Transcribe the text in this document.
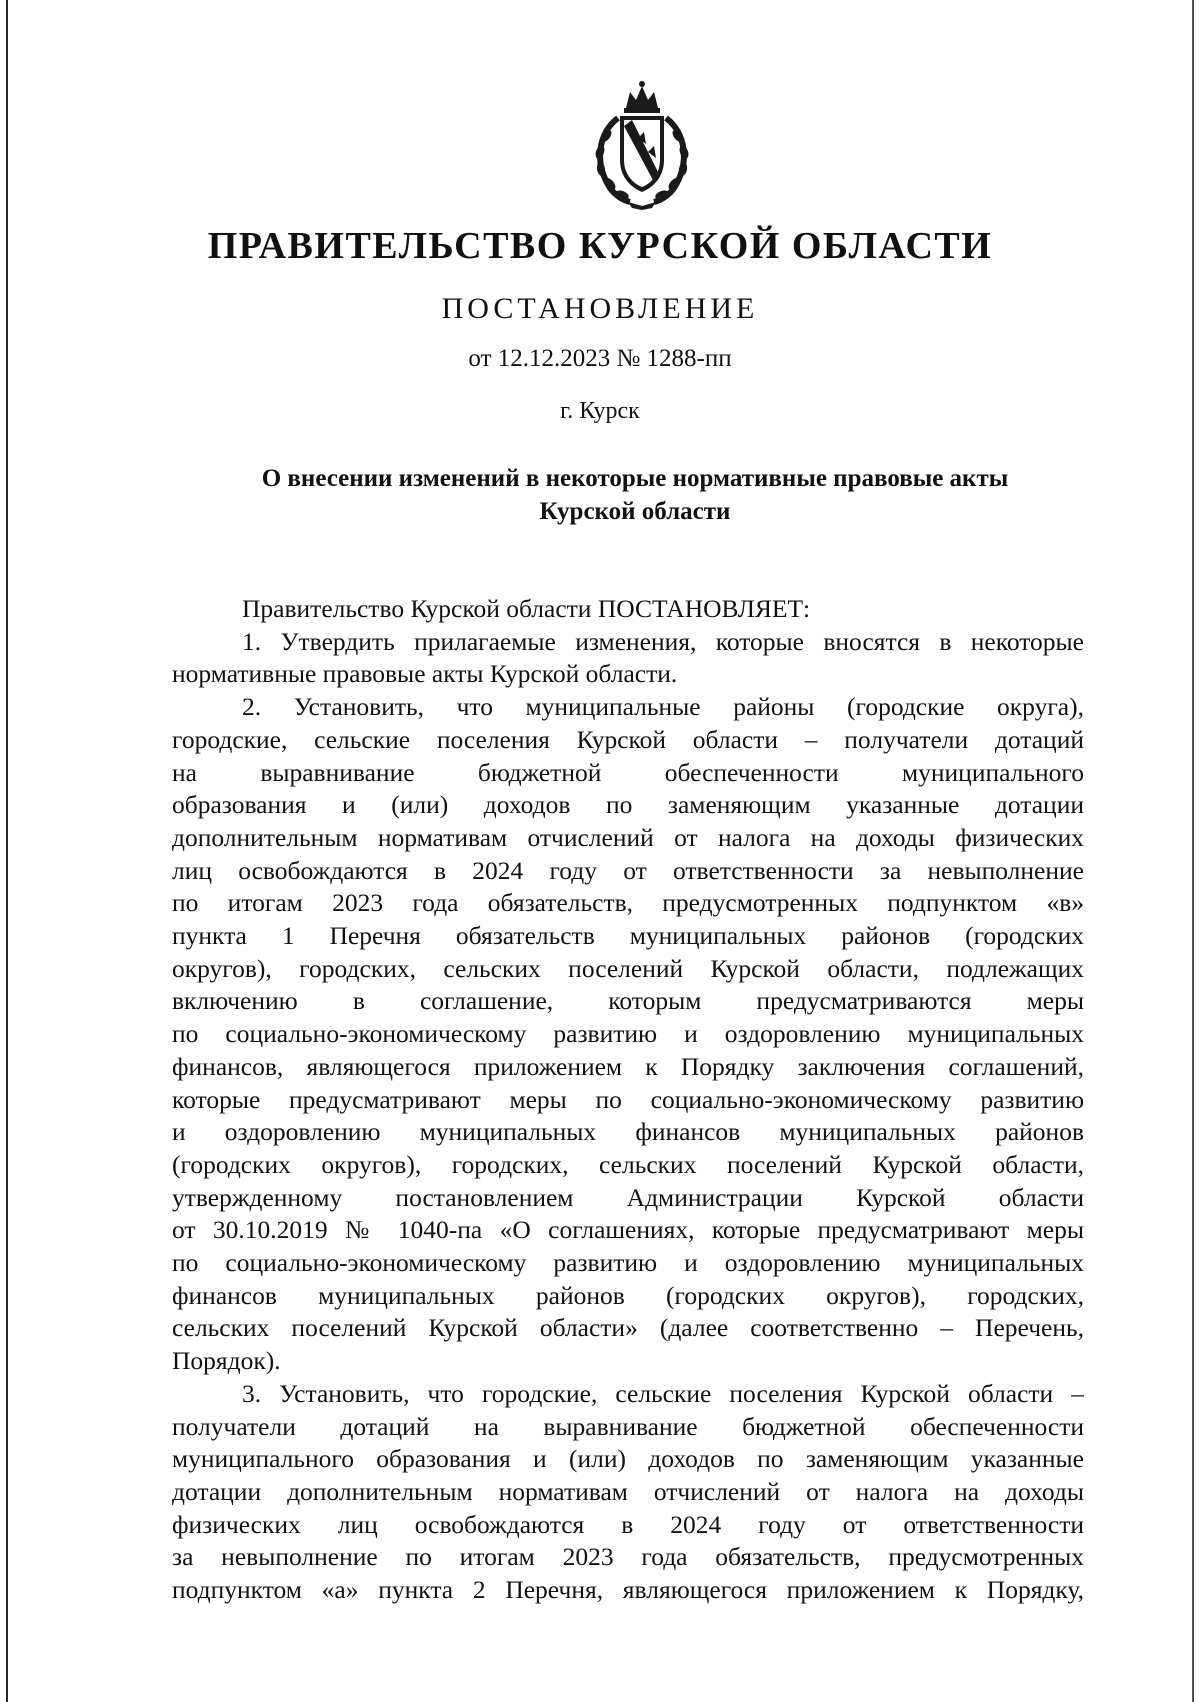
ПРАВИТЕЛЬСТВО КУРСКОЙ ОБЛАСТИ
ПОСТАНОВЛЕНИЕ
от 12.12.2023 № 1288-пп
г. Курск
О внесении изменений в некоторые нормативные правовые акты
Курской области
Правительство Курской области ПОСТАНОВЛЯЕТ:
1. Утвердить прилагаемые изменения, которые вносятся в некоторые
нормативные правовые акты Курской области.
2. Установить, что муниципальные районы (городские округа),
городские, сельские поселения Курской области – получатели дотаций
на выравнивание бюджетной обеспеченности муниципального
образования и (или) доходов по заменяющим указанные дотации
дополнительным нормативам отчислений от налога на доходы физических
лиц освобождаются в 2024 году от ответственности за невыполнение
по итогам 2023 года обязательств, предусмотренных подпунктом «в»
пункта 1 Перечня обязательств муниципальных районов (городских
округов), городских, сельских поселений Курской области, подлежащих
включению в соглашение, которым предусматриваются меры
по социально-экономическому развитию и оздоровлению муниципальных
финансов, являющегося приложением к Порядку заключения соглашений,
которые предусматривают меры по социально-экономическому развитию
и оздоровлению муниципальных финансов муниципальных районов
(городских округов), городских, сельских поселений Курской области,
утвержденному постановлением Администрации Курской области
от 30.10.2019 № 1040-па «О соглашениях, которые предусматривают меры
по социально-экономическому развитию и оздоровлению муниципальных
финансов муниципальных районов (городских округов), городских,
сельских поселений Курской области» (далее соответственно – Перечень,
Порядок).
3. Установить, что городские, сельские поселения Курской области –
получатели дотаций на выравнивание бюджетной обеспеченности
муниципального образования и (или) доходов по заменяющим указанные
дотации дополнительным нормативам отчислений от налога на доходы
физических лиц освобождаются в 2024 году от ответственности
за невыполнение по итогам 2023 года обязательств, предусмотренных
подпунктом «а» пункта 2 Перечня, являющегося приложением к Порядку,
